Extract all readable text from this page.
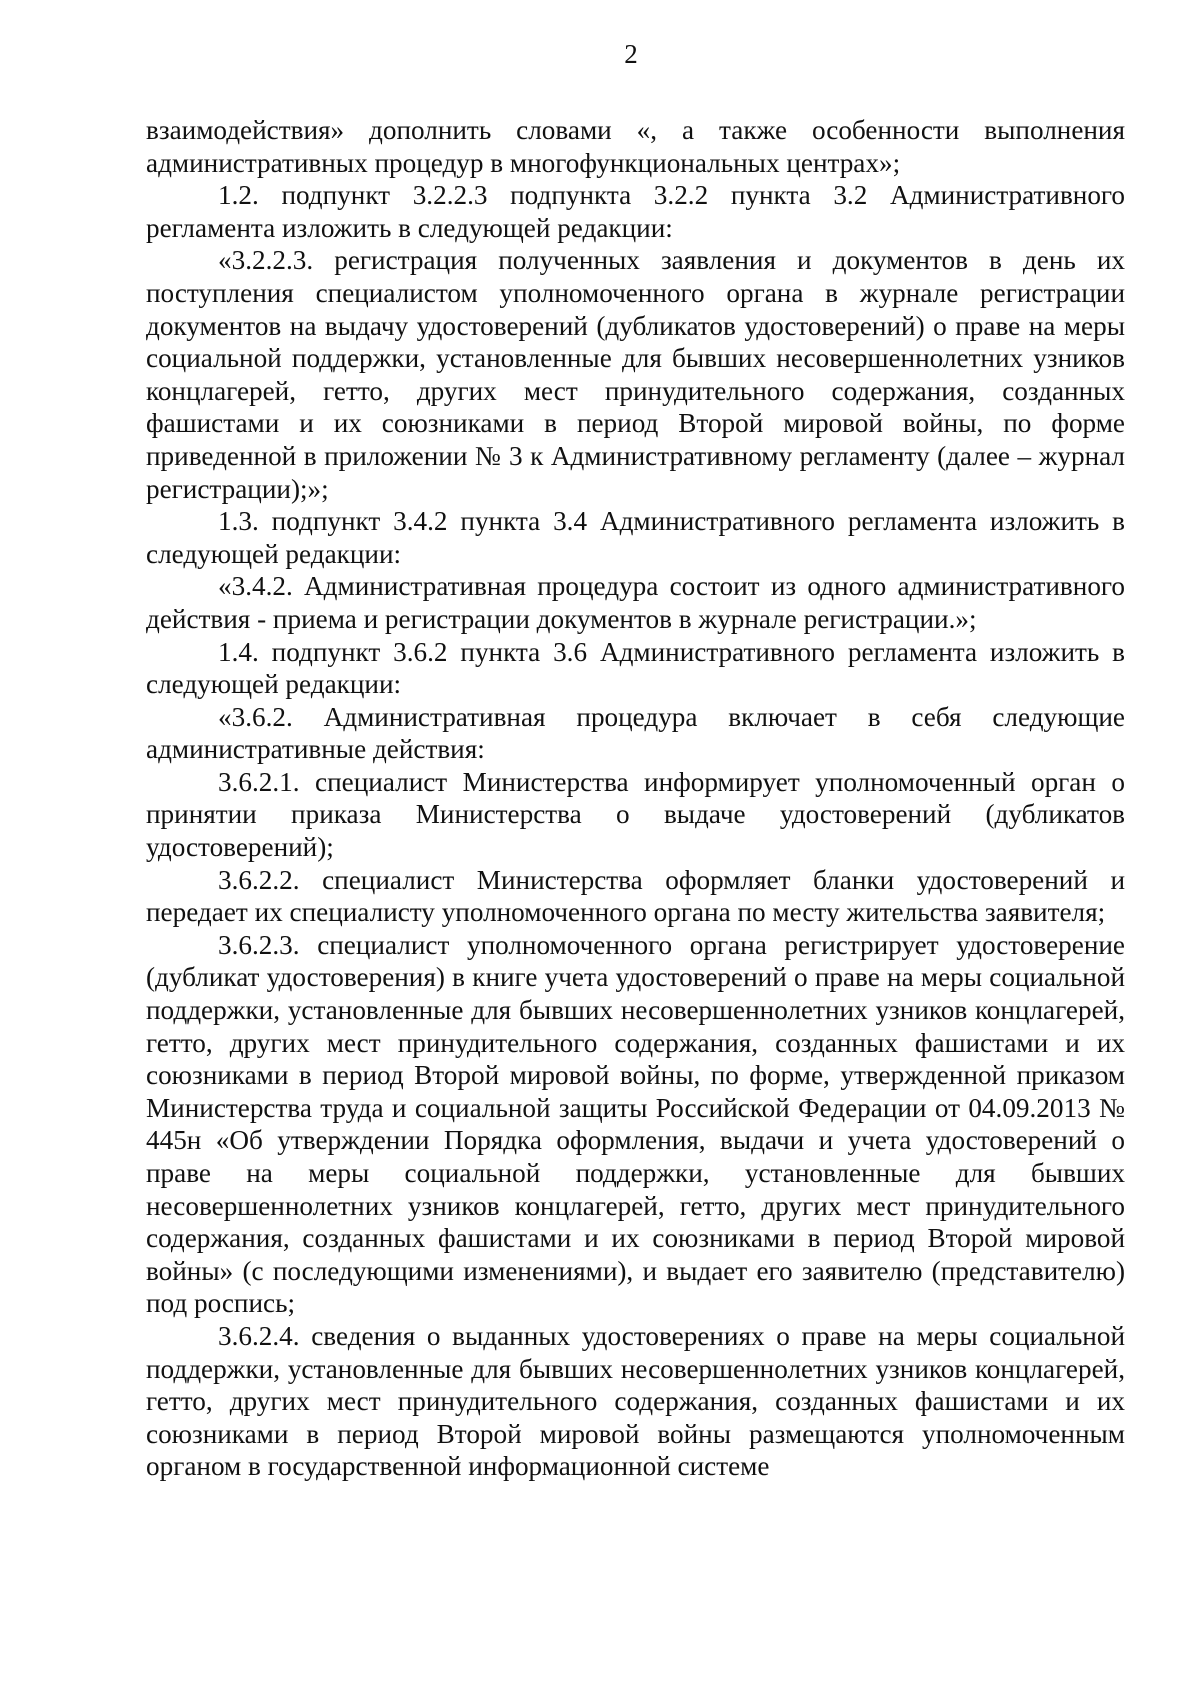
2

взаимодействия» дополнить словами «, а также особенности выполнения административных процедур в многофункциональных центрах»;

1.2. подпункт 3.2.2.3 подпункта 3.2.2 пункта 3.2 Административного регламента изложить в следующей редакции:

«3.2.2.3. регистрация полученных заявления и документов в день их поступления специалистом уполномоченного органа в журнале регистрации документов на выдачу удостоверений (дубликатов удостоверений) о праве на меры социальной поддержки, установленные для бывших несовершеннолетних узников концлагерей, гетто, других мест принудительного содержания, созданных фашистами и их союзниками в период Второй мировой войны, по форме приведенной в приложении № 3 к Административному регламенту (далее – журнал регистрации);»;

1.3. подпункт 3.4.2 пункта 3.4 Административного регламента изложить в следующей редакции:

«3.4.2. Административная процедура состоит из одного административного действия - приема и регистрации документов в журнале регистрации.»;

1.4. подпункт 3.6.2 пункта 3.6 Административного регламента изложить в следующей редакции:

«3.6.2. Административная процедура включает в себя следующие административные действия:

3.6.2.1. специалист Министерства информирует уполномоченный орган о принятии приказа Министерства о выдаче удостоверений (дубликатов удостоверений);

3.6.2.2. специалист Министерства оформляет бланки удостоверений и передает их специалисту уполномоченного органа по месту жительства заявителя;

3.6.2.3. специалист уполномоченного органа регистрирует удостоверение (дубликат удостоверения) в книге учета удостоверений о праве на меры социальной поддержки, установленные для бывших несовершеннолетних узников концлагерей, гетто, других мест принудительного содержания, созданных фашистами и их союзниками в период Второй мировой войны, по форме, утвержденной приказом Министерства труда и социальной защиты Российской Федерации от 04.09.2013 № 445н «Об утверждении Порядка оформления, выдачи и учета удостоверений о праве на меры социальной поддержки, установленные для бывших несовершеннолетних узников концлагерей, гетто, других мест принудительного содержания, созданных фашистами и их союзниками в период Второй мировой войны» (с последующими изменениями), и выдает его заявителю (представителю) под роспись;

3.6.2.4. сведения о выданных удостоверениях о праве на меры социальной поддержки, установленные для бывших несовершеннолетних узников концлагерей, гетто, других мест принудительного содержания, созданных фашистами и их союзниками в период Второй мировой войны размещаются уполномоченным органом в государственной информационной системе
